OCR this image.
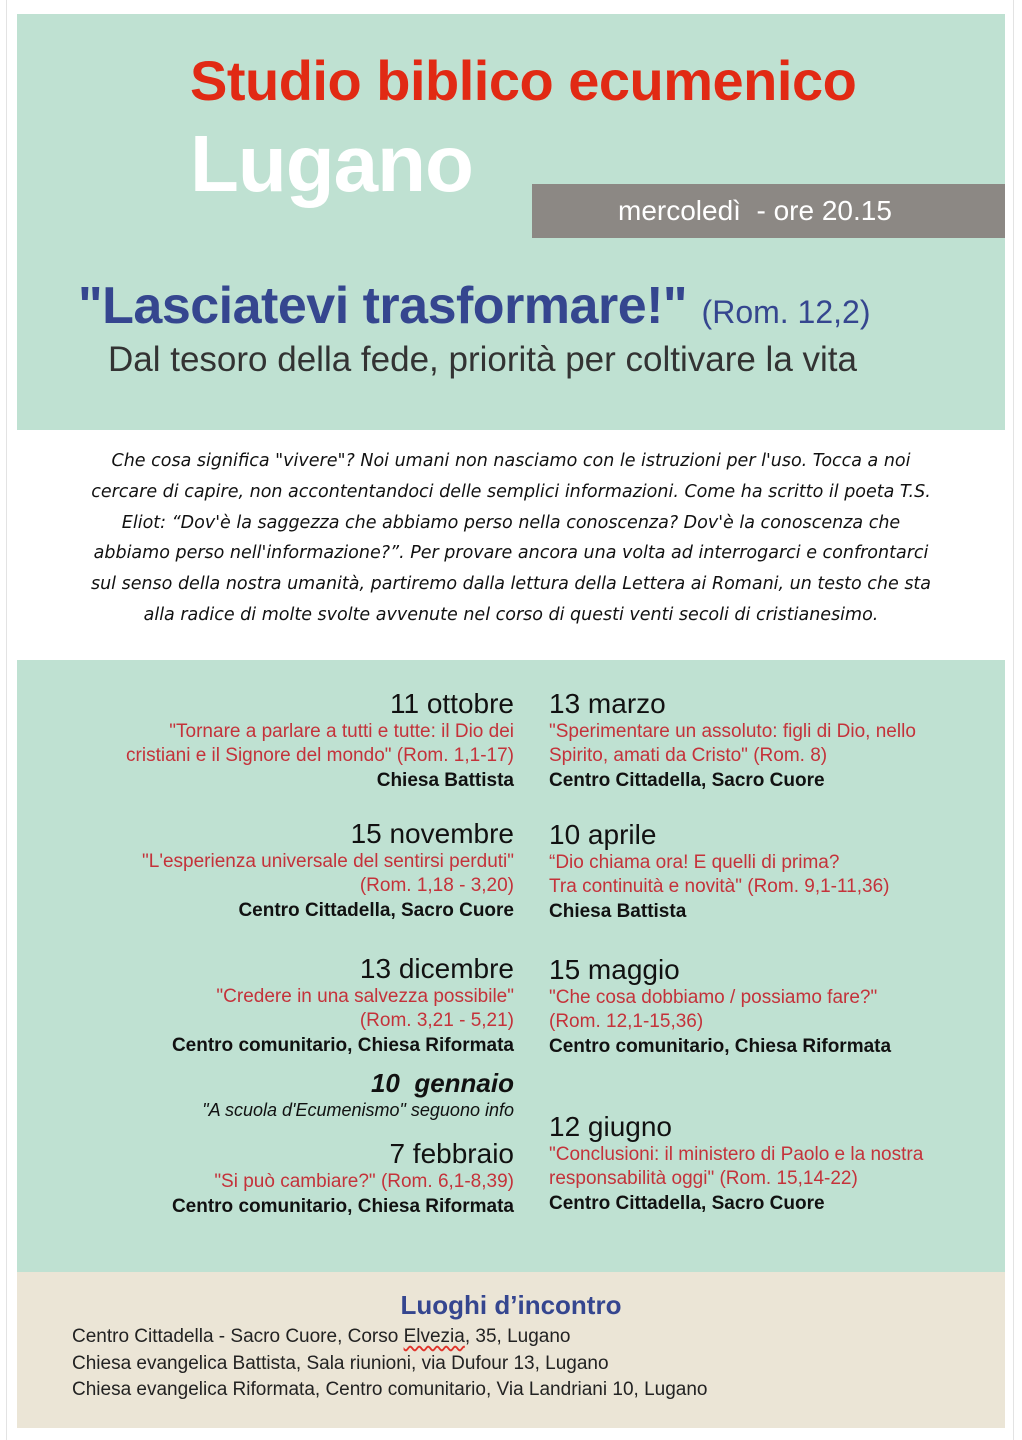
Studio biblico ecumenico
Lugano
mercoledì  - ore 20.15
"Lasciatevi trasformare!" (Rom. 12,2)
Dal tesoro della fede, priorità per coltivare la vita
Che cosa significa "vivere"? Noi umani non nasciamo con le istruzioni per l'uso. Tocca a noi
cercare di capire, non accontentandoci delle semplici informazioni. Come ha scritto il poeta T.S.
Eliot: “Dov'è la saggezza che abbiamo perso nella conoscenza? Dov'è la conoscenza che
abbiamo perso nell'informazione?”. Per provare ancora una volta ad interrogarci e confrontarci
sul senso della nostra umanità, partiremo dalla lettura della Lettera ai Romani, un testo che sta
alla radice di molte svolte avvenute nel corso di questi venti secoli di cristianesimo.
11 ottobre
"Tornare a parlare a tutti e tutte: il Dio dei
cristiani e il Signore del mondo" (Rom. 1,1-17)
Chiesa Battista
15 novembre
"L'esperienza universale del sentirsi perduti"
(Rom. 1,18 - 3,20)
Centro Cittadella, Sacro Cuore
13 dicembre
"Credere in una salvezza possibile"
(Rom. 3,21 - 5,21)
Centro comunitario, Chiesa Riformata
10  gennaio
"A scuola d'Ecumenismo" seguono info
7 febbraio
"Si può cambiare?" (Rom. 6,1-8,39)
Centro comunitario, Chiesa Riformata
13 marzo
"Sperimentare un assoluto: figli di Dio, nello
Spirito, amati da Cristo" (Rom. 8)
Centro Cittadella, Sacro Cuore
10 aprile
“Dio chiama ora! E quelli di prima?
Tra continuità e novità" (Rom. 9,1-11,36)
Chiesa Battista
15 maggio
"Che cosa dobbiamo / possiamo fare?"
(Rom. 12,1-15,36)
Centro comunitario, Chiesa Riformata
12 giugno
"Conclusioni: il ministero di Paolo e la nostra
responsabilità oggi" (Rom. 15,14-22)
Centro Cittadella, Sacro Cuore
Luoghi d’incontro
Centro Cittadella - Sacro Cuore, Corso Elvezia, 35, Lugano
Chiesa evangelica Battista, Sala riunioni, via Dufour 13, Lugano
Chiesa evangelica Riformata, Centro comunitario, Via Landriani 10, Lugano
